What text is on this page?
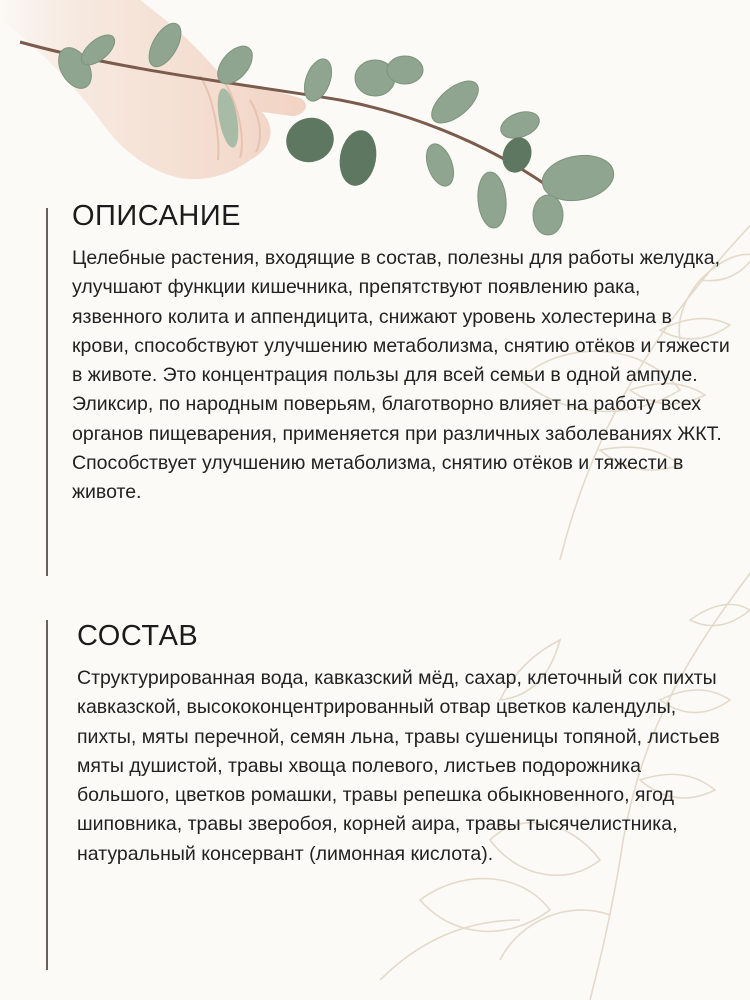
ОПИСАНИЕ

Целебные растения, входящие в состав, полезны для работы желудка, улучшают функции кишечника, препятствуют появлению рака, язвенного колита и аппендицита, снижают уровень холестерина в крови, способствуют улучшению метаболизма, снятию отёков и тяжести в животе. Это концентрация пользы для всей семьи в одной ампуле. Эликсир, по народным поверьям, благотворно влияет на работу всех органов пищеварения, применяется при различных заболеваниях ЖКТ. Способствует улучшению метаболизма, снятию отёков и тяжести в животе.

СОСТАВ

Структурированная вода, кавказский мёд, сахар, клеточный сок пихты кавказской, высококонцентрированный отвар цветков календулы, пихты, мяты перечной, семян льна, травы сушеницы топяной, листьев мяты душистой, травы хвоща полевого, листьев подорожника большого, цветков ромашки, травы репешка обыкновенного, ягод шиповника, травы зверобоя, корней аира, травы тысячелистника, натуральный консервант (лимонная кислота).
